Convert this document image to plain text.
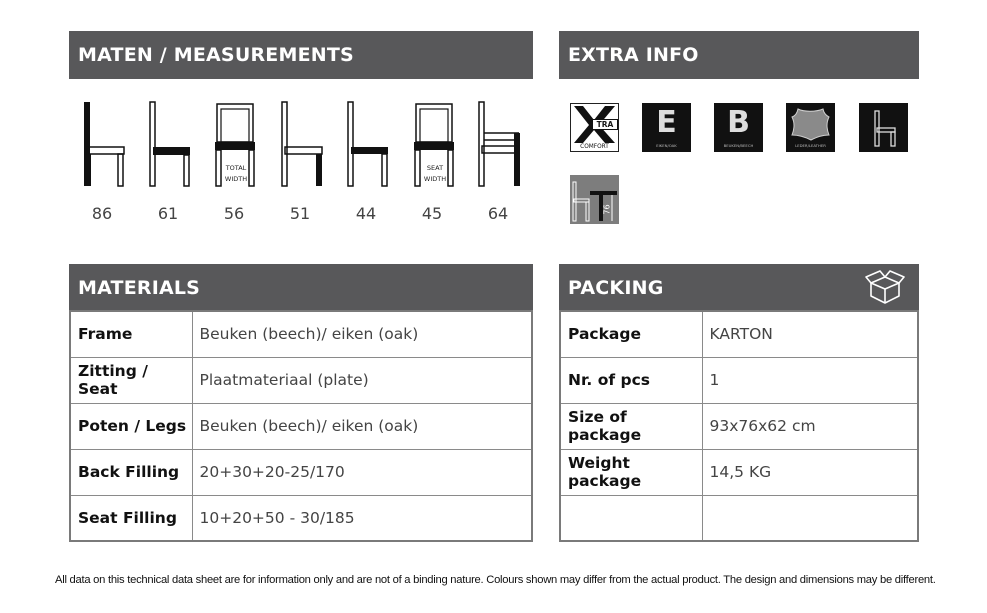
MATEN / MEASUREMENTS
TOTAL
WIDTH
SEAT
WIDTH
86	61	56	51	44	45	64
EXTRA INFO
TRA
COMFORT
E
EIKEN/OAK
B
BEUKEN/BEECH	LEDER/LEATHER
76
MATERIALS
Frame	Beuken (beech)/ eiken (oak)
Zitting / Seat	Plaatmateriaal (plate)
Poten / Legs	Beuken (beech)/ eiken (oak)
Back Filling	20+30+20-25/170
Seat Filling	10+20+50 - 30/185
PACKING
Package	KARTON
Nr. of pcs	1
Size of package	93x76x62 cm
Weight package	14,5 KG

All data on this technical data sheet are for information only and are not of a binding nature. Colours shown may differ from the actual product. The design and dimensions may be different.
